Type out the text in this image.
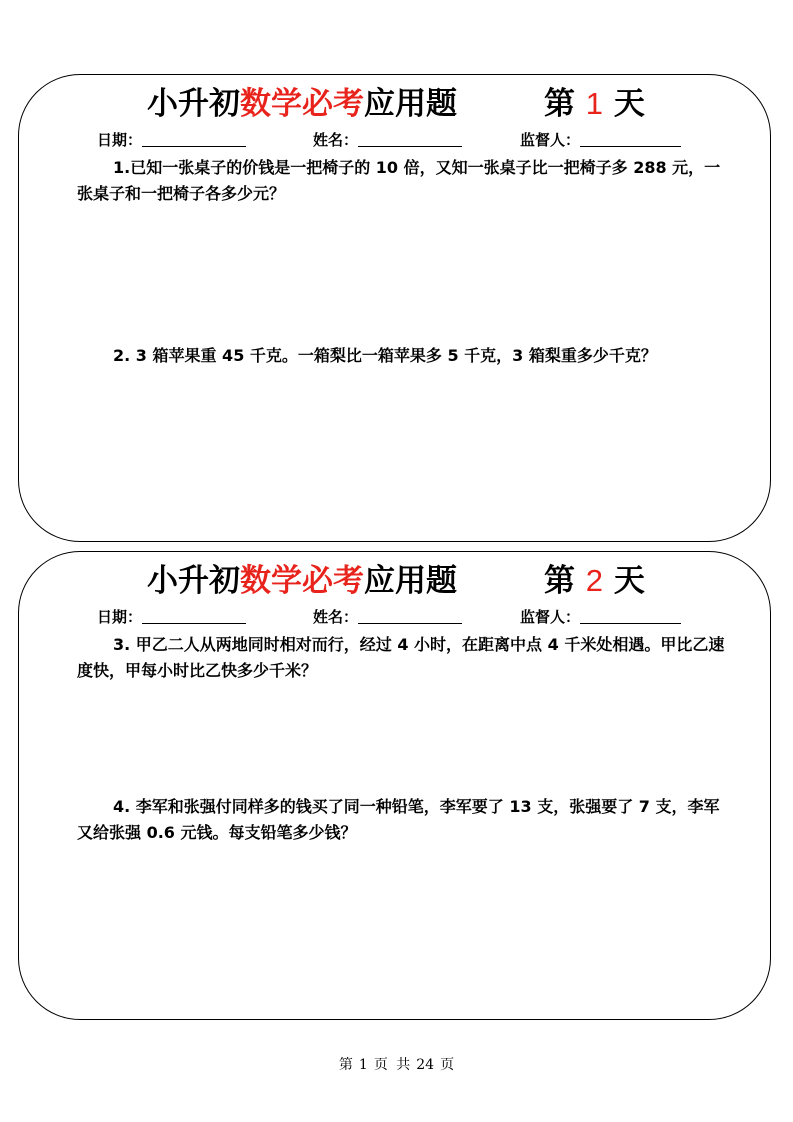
小升初数学必考应用题	第 1 天
日期：	姓名：	监督人：

1.已知一张桌子的价钱是一把椅子的 10 倍，又知一张桌子比一把椅子多 288 元，一张桌子和一把椅子各多少元？

2. 3 箱苹果重 45 千克。一箱梨比一箱苹果多 5 千克，3 箱梨重多少千克？

小升初数学必考应用题	第 2 天
日期：	姓名：	监督人：

3. 甲乙二人从两地同时相对而行，经过 4 小时，在距离中点 4 千米处相遇。甲比乙速度快，甲每小时比乙快多少千米？

4. 李军和张强付同样多的钱买了同一种铅笔，李军要了 13 支，张强要了 7 支，李军又给张强 0.6 元钱。每支铅笔多少钱？

第 1 页 共 24 页
